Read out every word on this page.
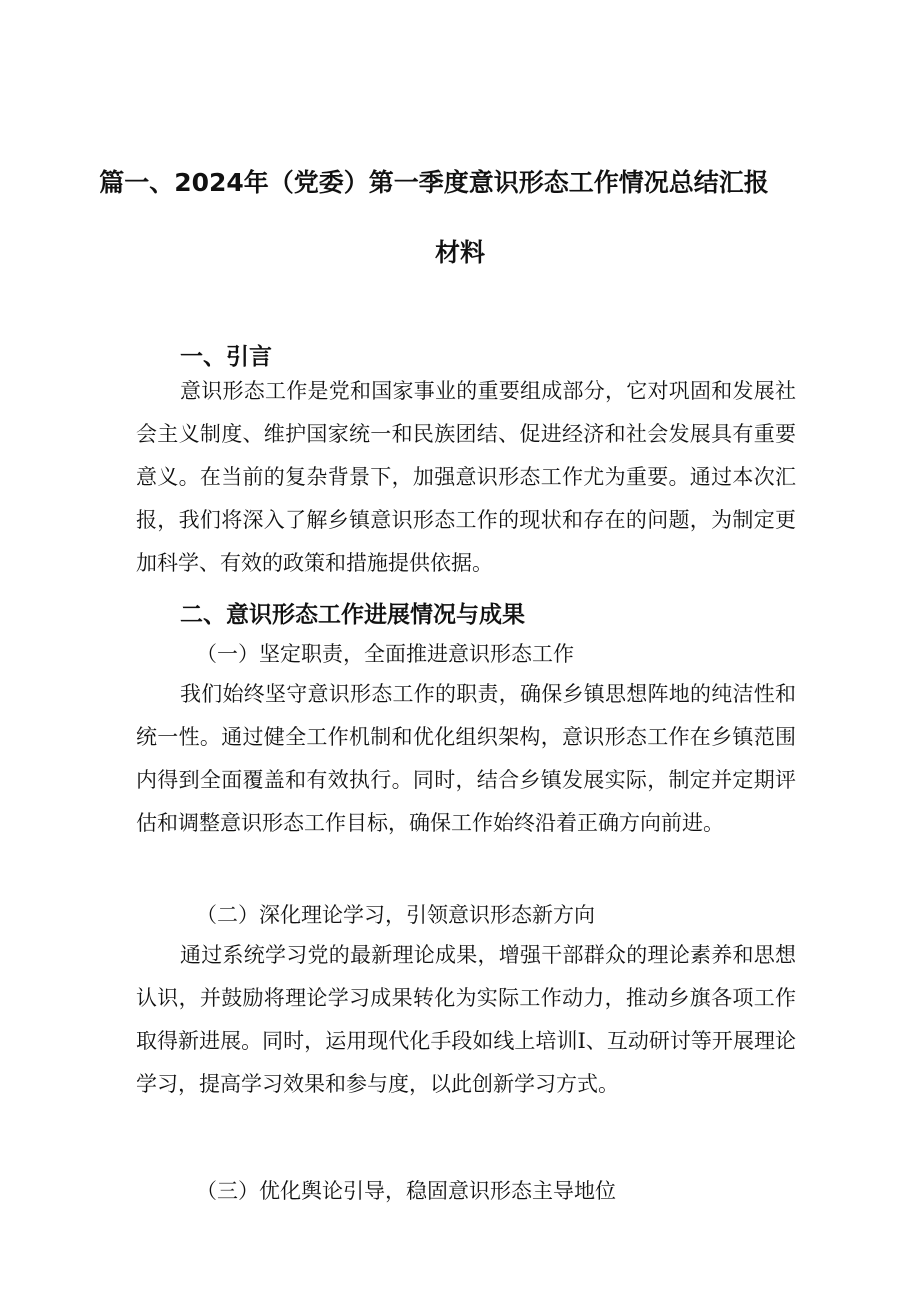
篇一、2024年（党委）第一季度意识形态工作情况总结汇报
材料
一、引言

意识形态工作是党和国家事业的重要组成部分，它对巩固和发展社会主义制度、维护国家统一和民族团结、促进经济和社会发展具有重要意义。在当前的复杂背景下，加强意识形态工作尤为重要。通过本次汇报，我们将深入了解乡镇意识形态工作的现状和存在的问题，为制定更加科学、有效的政策和措施提供依据。

二、意识形态工作进展情况与成果
（一）坚定职责，全面推进意识形态工作

我们始终坚守意识形态工作的职责，确保乡镇思想阵地的纯洁性和统一性。通过健全工作机制和优化组织架构，意识形态工作在乡镇范围内得到全面覆盖和有效执行。同时，结合乡镇发展实际，制定并定期评估和调整意识形态工作目标，确保工作始终沿着正确方向前进。

（二）深化理论学习，引领意识形态新方向

通过系统学习党的最新理论成果，增强干部群众的理论素养和思想认识，并鼓励将理论学习成果转化为实际工作动力，推动乡旗各项工作取得新进展。同时，运用现代化手段如线上培训I、互动研讨等开展理论学习，提高学习效果和参与度，以此创新学习方式。

（三）优化舆论引导，稳固意识形态主导地位
